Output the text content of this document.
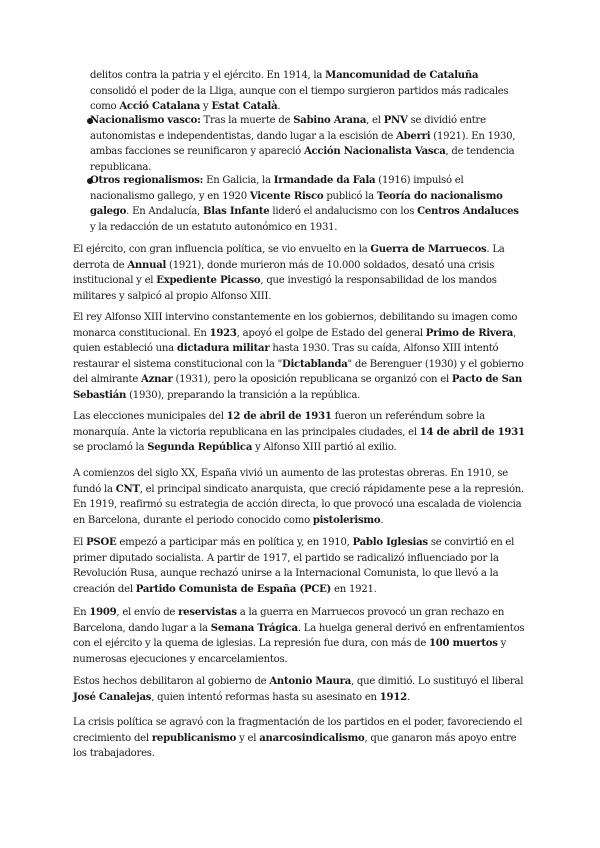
delitos contra la patria y el ejército. En 1914, la Mancomunidad de Cataluña consolidó el poder de la Lliga, aunque con el tiempo surgieron partidos más radicales como Acció Catalana y Estat Català.
Nacionalismo vasco: Tras la muerte de Sabino Arana, el PNV se dividió entre autonomistas e independentistas, dando lugar a la escisión de Aberri (1921). En 1930, ambas facciones se reunificaron y apareció Acción Nacionalista Vasca, de tendencia republicana.
Otros regionalismos: En Galicia, la Irmandade da Fala (1916) impulsó el nacionalismo gallego, y en 1920 Vicente Risco publicó la Teoría do nacionalismo galego. En Andalucía, Blas Infante lideró el andalucismo con los Centros Andaluces y la redacción de un estatuto autonómico en 1931.
El ejército, con gran influencia política, se vio envuelto en la Guerra de Marruecos. La derrota de Annual (1921), donde murieron más de 10.000 soldados, desató una crisis institucional y el Expediente Picasso, que investigó la responsabilidad de los mandos militares y salpicó al propio Alfonso XIII.
El rey Alfonso XIII intervino constantemente en los gobiernos, debilitando su imagen como monarca constitucional. En 1923, apoyó el golpe de Estado del general Primo de Rivera, quien estableció una dictadura militar hasta 1930. Tras su caída, Alfonso XIII intentó restaurar el sistema constitucional con la "Dictablanda" de Berenguer (1930) y el gobierno del almirante Aznar (1931), pero la oposición republicana se organizó con el Pacto de San Sebastián (1930), preparando la transición a la república.
Las elecciones municipales del 12 de abril de 1931 fueron un referéndum sobre la monarquía. Ante la victoria republicana en las principales ciudades, el 14 de abril de 1931 se proclamó la Segunda República y Alfonso XIII partió al exilio.
A comienzos del siglo XX, España vivió un aumento de las protestas obreras. En 1910, se fundó la CNT, el principal sindicato anarquista, que creció rápidamente pese a la represión. En 1919, reafirmó su estrategia de acción directa, lo que provocó una escalada de violencia en Barcelona, durante el periodo conocido como pistolerismo.
El PSOE empezó a participar más en política y, en 1910, Pablo Iglesias se convirtió en el primer diputado socialista. A partir de 1917, el partido se radicalizó influenciado por la Revolución Rusa, aunque rechazó unirse a la Internacional Comunista, lo que llevó a la creación del Partido Comunista de España (PCE) en 1921.
En 1909, el envío de reservistas a la guerra en Marruecos provocó un gran rechazo en Barcelona, dando lugar a la Semana Trágica. La huelga general derivó en enfrentamientos con el ejército y la quema de iglesias. La represión fue dura, con más de 100 muertos y numerosas ejecuciones y encarcelamientos.
Estos hechos debilitaron al gobierno de Antonio Maura, que dimitió. Lo sustituyó el liberal José Canalejas, quien intentó reformas hasta su asesinato en 1912.
La crisis política se agravó con la fragmentación de los partidos en el poder, favoreciendo el crecimiento del republicanismo y el anarcosindicalismo, que ganaron más apoyo entre los trabajadores.
